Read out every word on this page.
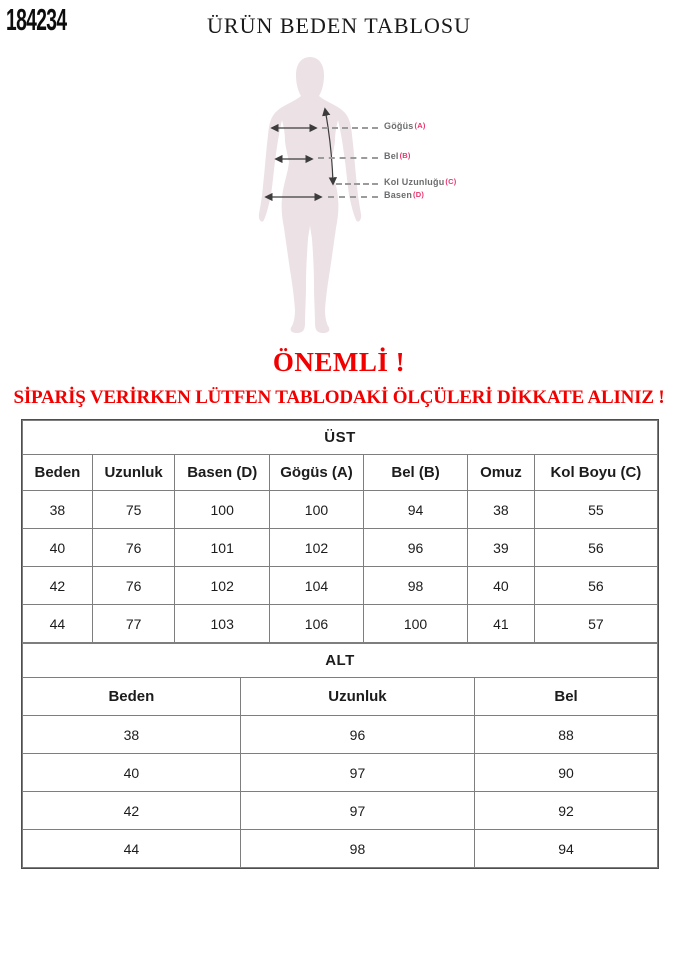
184234	ÜRÜN BEDEN TABLOSU
Göğüs(A)
Bel(B)
Kol Uzunluğu(C)
Basen(D)
ÖNEMLİ !
SİPARİŞ VERİRKEN LÜTFEN TABLODAKİ ÖLÇÜLERİ DİKKATE ALINIZ !
ÜST						
Beden	Uzunluk	Basen (D)	Gögüs (A)	Bel (B)	Omuz	Kol Boyu (C)
38	75	100	100	94	38	55
40	76	101	102	96	39	56
42	76	102	104	98	40	56
44	77	103	106	100	41	57
ALT		
Beden	Uzunluk	Bel
38	96	88
40	97	90
42	97	92
44	98	94
